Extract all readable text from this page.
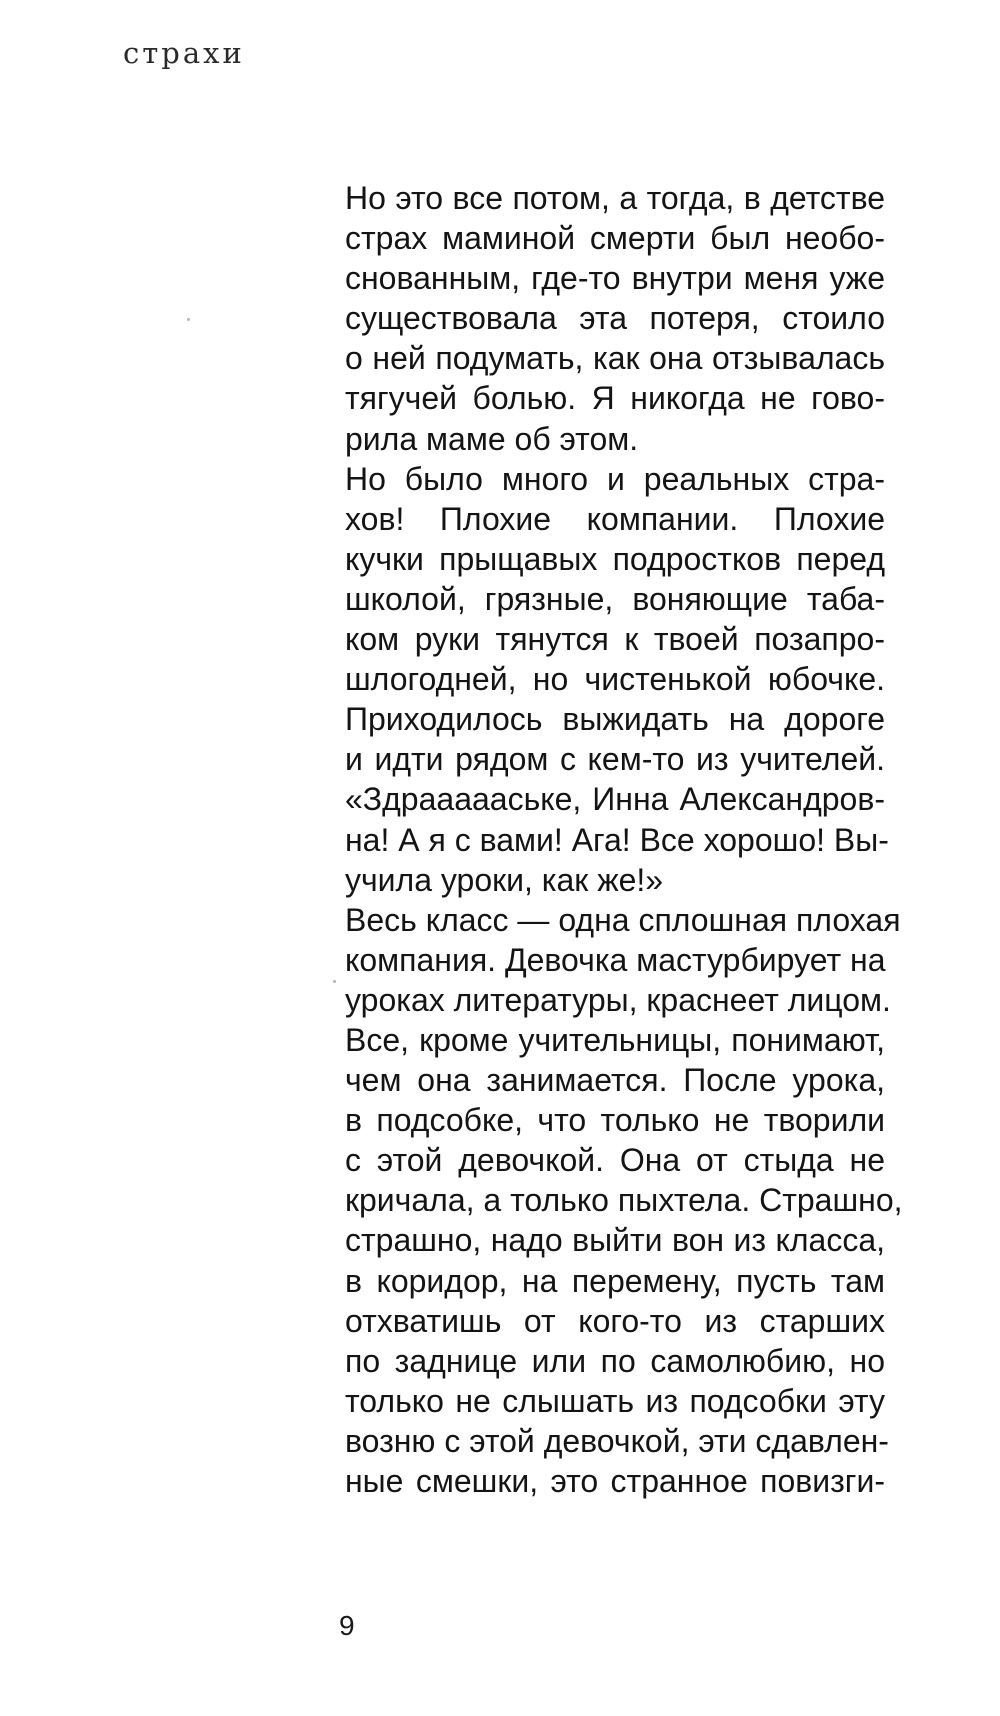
страхи
Но это все потом, а тогда, в детстве
страх маминой смерти был необо-
снованным, где-то внутри меня уже
существовала эта потеря, стоило
о ней подумать, как она отзывалась
тягучей болью. Я никогда не гово-
рила маме об этом.
Но было много и реальных стра-
хов! Плохие компании. Плохие
кучки прыщавых подростков перед
школой, грязные, воняющие таба-
ком руки тянутся к твоей позапро-
шлогодней, но чистенькой юбочке.
Приходилось выжидать на дороге
и идти рядом с кем-то из учителей.
«Здраааааське, Инна Александров-
на! А я с вами! Ага! Все хорошо! Вы-
учила уроки, как же!»
Весь класс — одна сплошная плохая
компания. Девочка мастурбирует на
уроках литературы, краснеет лицом.
Все, кроме учительницы, понимают,
чем она занимается. После урока,
в подсобке, что только не творили
с этой девочкой. Она от стыда не
кричала, а только пыхтела. Страшно,
страшно, надо выйти вон из класса,
в коридор, на перемену, пусть там
отхватишь от кого-то из старших
по заднице или по самолюбию, но
только не слышать из подсобки эту
возню с этой девочкой, эти сдавлен-
ные смешки, это странное повизги-
9
